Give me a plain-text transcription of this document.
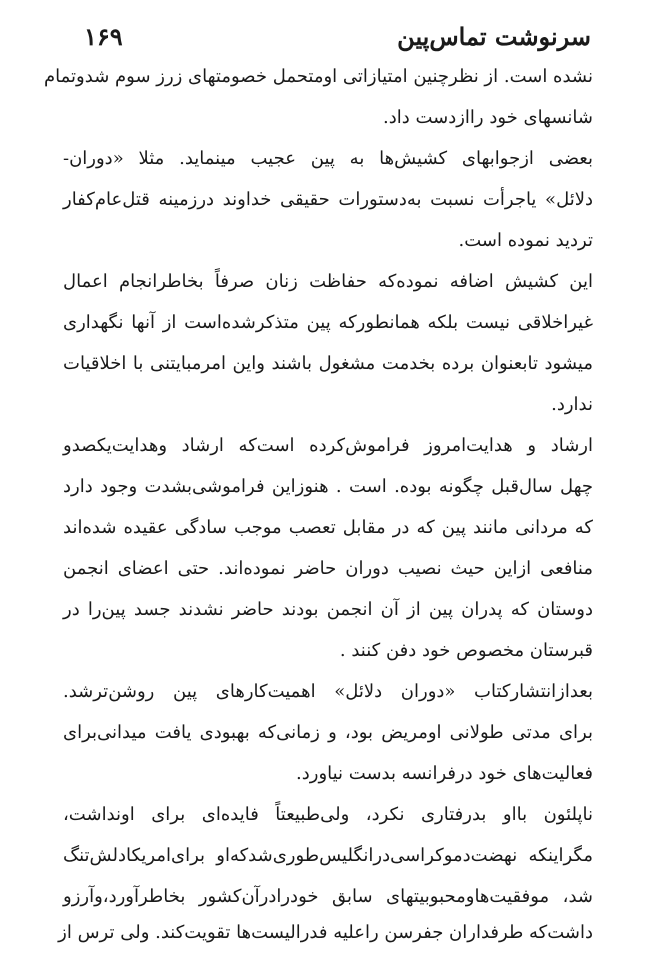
۱۶۹	سرنوشت تماس‌پین
نشده است. از نظرچنین امتیازاتی اومتحمل خصومتهای زرز سوم شدوتمام
شانسهای خود راازدست داد.
بعضی ازجوابهای کشیش‌ها به پین عجیب مینماید. مثلا «دوران-
دلائل» یاجرأت نسبت به‌دستورات حقیقی خداوند درزمینه قتل‌عام‌کفار
تردید نموده است.
این کشیش اضافه نموده‌که حفاظت زنان صرفاً بخاطرانجام اعمال
غیراخلاقی نیست بلکه همانطورکه پین متذکرشده‌است از آنها نگهداری
میشود تابعنوان برده بخدمت مشغول باشند واین امرمبایتنی با اخلاقیات
ندارد.
ارشاد و هدایت‌امروز فراموش‌کرده است‌که ارشاد وهدایت‌یکصدو
چهل سال‌قبل چگونه بوده. است . هنوزاین فراموشی‌بشدت وجود دارد
که مردانی مانند پین که در مقابل تعصب موجب سادگی عقیده شده‌اند
منافعی ازاین حیث نصیب دوران حاضر نموده‌اند. حتی اعضای انجمن
دوستان که پدران پین از آن انجمن بودند حاضر نشدند جسد پین‌را در
قبرستان مخصوص خود دفن کنند .
بعدازانتشارکتاب «دوران دلائل» اهمیت‌کارهای پین روشن‌ترشد.
برای مدتی طولانی اومریض بود، و زمانی‌که بهبودی یافت میدانی‌برای
فعالیت‌های خود درفرانسه بدست نیاورد.
ناپلئون بااو بدرفتاری نکرد، ولی‌طبیعتاً فایده‌ای برای اونداشت،
مگراینکه نهضت‌دموکراسی‌درانگلیس‌طوری‌شدکه‌او برای‌امریکادلش‌تنگ
شد، موفقیت‌هاومحبوبیتهای سابق خودرادرآن‌کشور بخاطرآورد،وآرزو
داشت‌که طرفداران جفرسن راعلیه فدرالیست‌ها تقویت‌کند. ولی ترس از
